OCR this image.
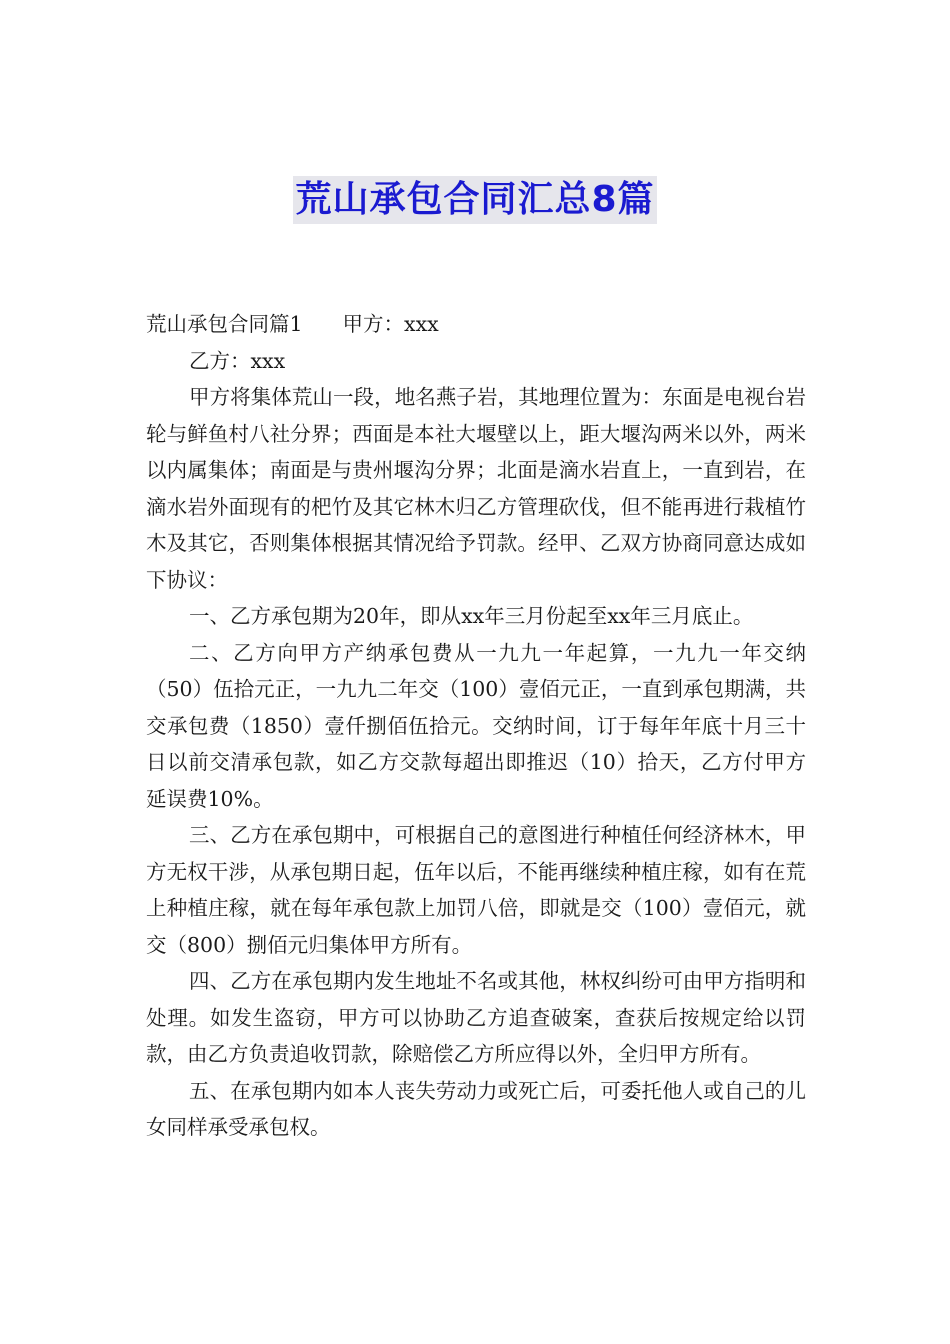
荒山承包合同汇总8篇

荒山承包合同篇1 甲方：xxx

乙方：xxx

甲方将集体荒山一段，地名燕子岩，其地理位置为：东面是电视台岩轮与鲜鱼村八社分界；西面是本社大堰壁以上，距大堰沟两米以外，两米以内属集体；南面是与贵州堰沟分界；北面是滴水岩直上，一直到岩，在滴水岩外面现有的杷竹及其它林木归乙方管理砍伐，但不能再进行栽植竹木及其它，否则集体根据其情况给予罚款。经甲、乙双方协商同意达成如下协议：

一、乙方承包期为20年，即从xx年三月份起至xx年三月底止。

二、乙方向甲方产纳承包费从一九九一年起算，一九九一年交纳（50）伍拾元正，一九九二年交（100）壹佰元正，一直到承包期满，共交承包费（1850）壹仟捌佰伍拾元。交纳时间，订于每年年底十月三十日以前交清承包款，如乙方交款每超出即推迟（10）拾天，乙方付甲方延误费10%。

三、乙方在承包期中，可根据自己的意图进行种植任何经济林木，甲方无权干涉，从承包期日起，伍年以后，不能再继续种植庄稼，如有在荒上种植庄稼，就在每年承包款上加罚八倍，即就是交（100）壹佰元，就交（800）捌佰元归集体甲方所有。

四、乙方在承包期内发生地址不名或其他，林权纠纷可由甲方指明和处理。如发生盗窃，甲方可以协助乙方追查破案，查获后按规定给以罚款，由乙方负责追收罚款，除赔偿乙方所应得以外，全归甲方所有。

五、在承包期内如本人丧失劳动力或死亡后，可委托他人或自己的儿女同样承受承包权。
